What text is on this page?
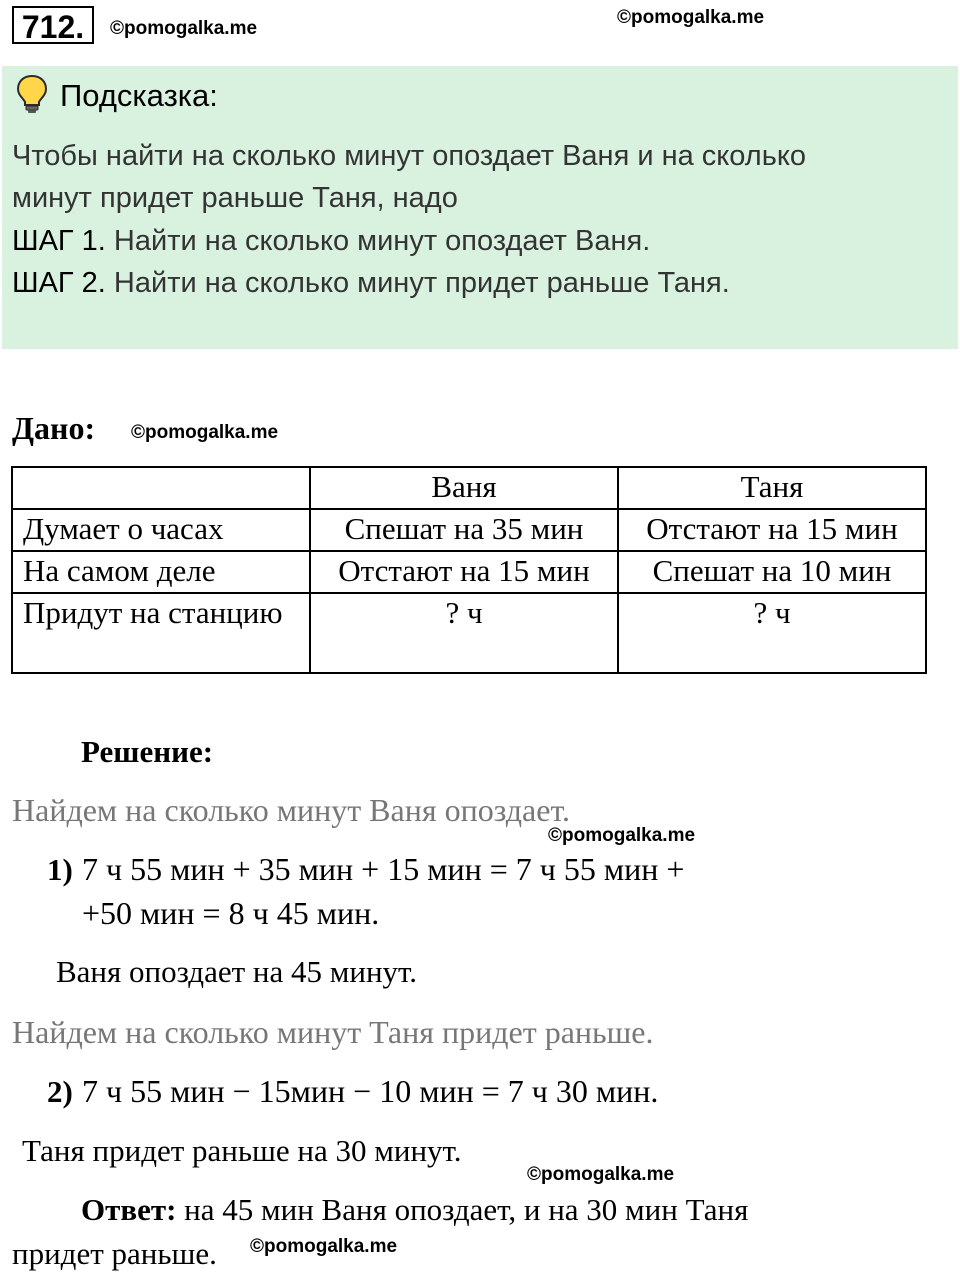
712.	©pomogalka.me
©pomogalka.me
Подсказка:
Чтобы найти на сколько минут опоздает Ваня и на сколько
минут придет раньше Таня, надо
ШАГ 1. Найти на сколько минут опоздает Ваня.
ШАГ 2. Найти на сколько минут придет раньше Таня.
Дано: ©pomogalka.me
	Ваня	Таня
Думает о часах	Спешат на 35 мин	Отстают на 15 мин
На самом деле	Отстают на 15 мин	Спешат на 10 мин
Придут на станцию	? ч	? ч
Решение:
Найдем на сколько минут Ваня опоздает.
©pomogalka.me
1) 7 ч 55 мин + 35 мин + 15 мин = 7 ч 55 мин +
+50 мин = 8 ч 45 мин.
Ваня опоздает на 45 минут.
Найдем на сколько минут Таня придет раньше.
2) 7 ч 55 мин − 15мин − 10 мин = 7 ч 30 мин.
Таня придет раньше на 30 минут.
©pomogalka.me
Ответ: на 45 мин Ваня опоздает, и на 30 мин Таня
придет раньше. ©pomogalka.me
